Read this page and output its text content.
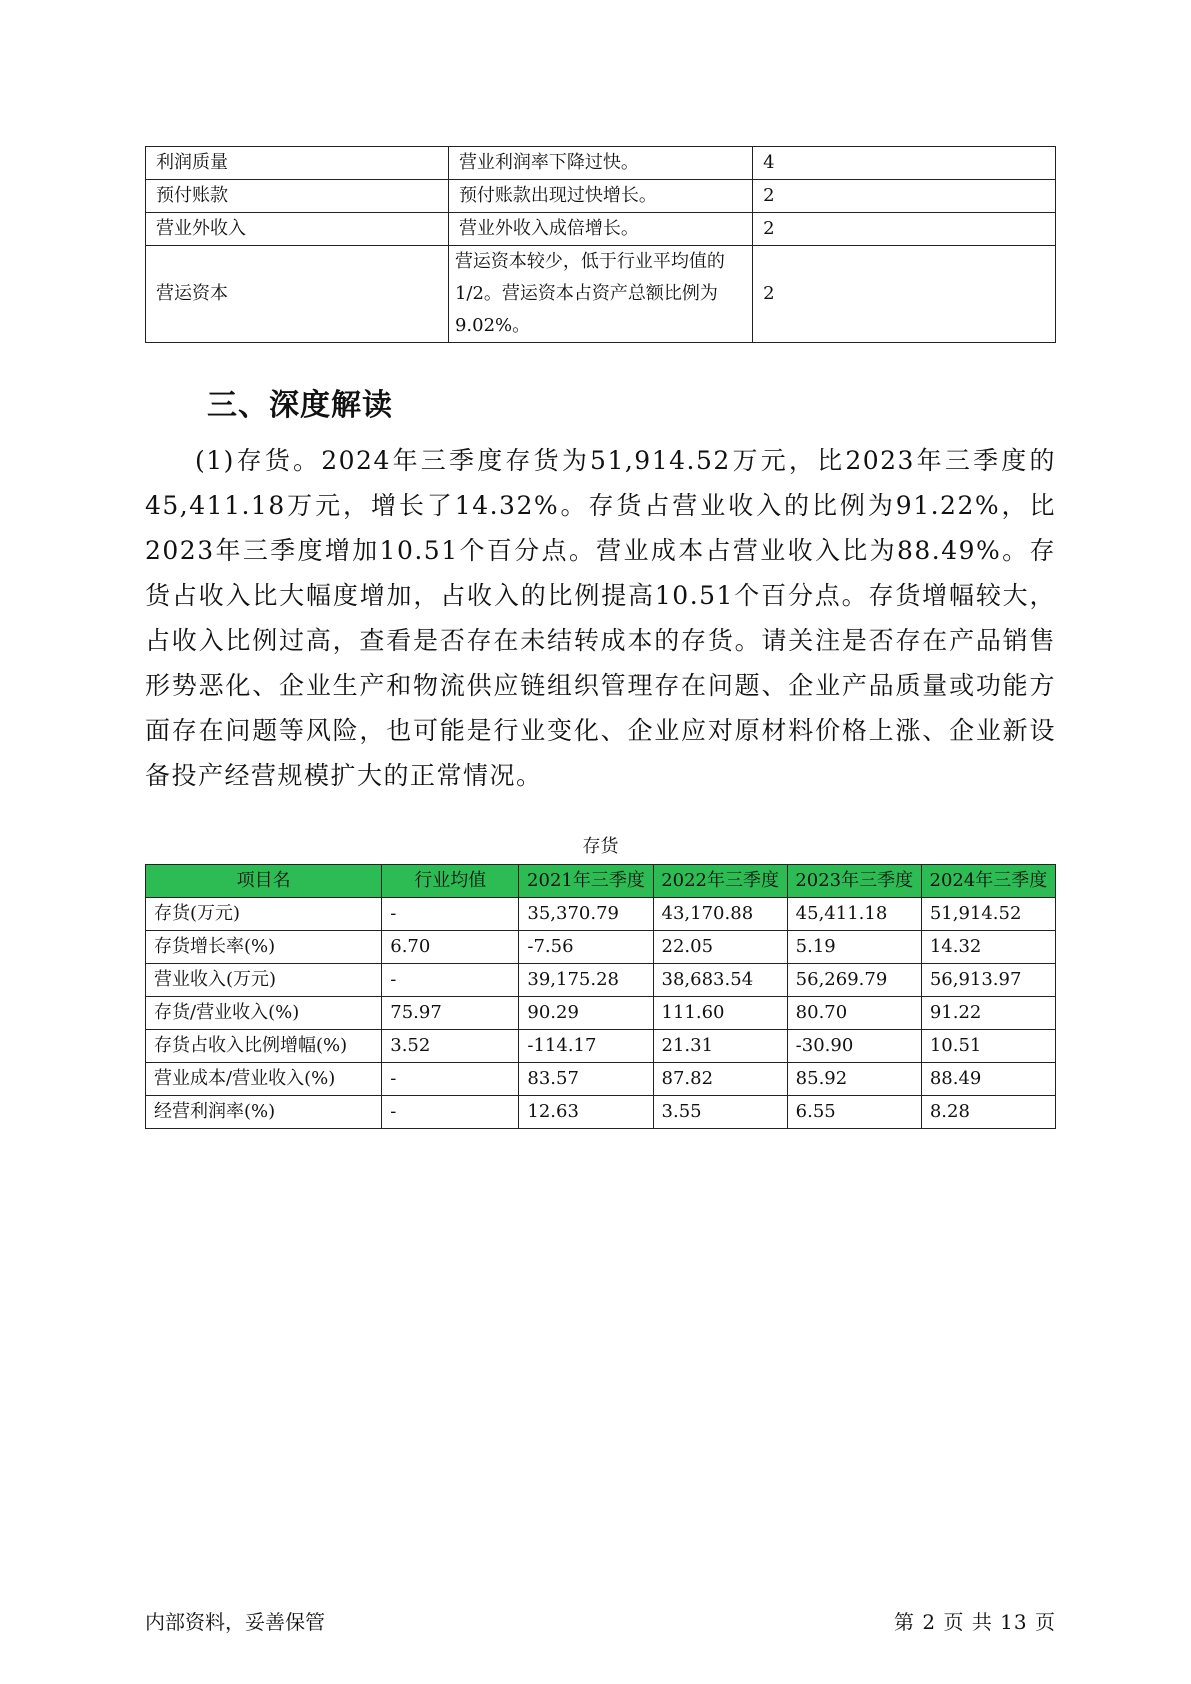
利润质量	营业利润率下降过快。	4
预付账款	预付账款出现过快增长。	2
营业外收入	营业外收入成倍增长。	2
营运资本	营运资本较少，低于行业平均值的1/2。营运资本占资产总额比例为9.02%。	2
三、深度解读

(1)存货。2024年三季度存货为51,914.52万元，比2023年三季度的45,411.18万元，增长了14.32%。存货占营业收入的比例为91.22%，比2023年三季度增加10.51个百分点。营业成本占营业收入比为88.49%。存货占收入比大幅度增加，占收入的比例提高10.51个百分点。存货增幅较大，占收入比例过高，查看是否存在未结转成本的存货。请关注是否存在产品销售形势恶化、企业生产和物流供应链组织管理存在问题、企业产品质量或功能方面存在问题等风险，也可能是行业变化、企业应对原材料价格上涨、企业新设备投产经营规模扩大的正常情况。

存货
项目名	行业均值	2021年三季度	2022年三季度	2023年三季度	2024年三季度
存货(万元)	-	35,370.79	43,170.88	45,411.18	51,914.52
存货增长率(%)	6.70	-7.56	22.05	5.19	14.32
营业收入(万元)	-	39,175.28	38,683.54	56,269.79	56,913.97
存货/营业收入(%)	75.97	90.29	111.60	80.70	91.22
存货占收入比例增幅(%)	3.52	-114.17	21.31	-30.90	10.51
营业成本/营业收入(%)	-	83.57	87.82	85.92	88.49
经营利润率(%)	-	12.63	3.55	6.55	8.28
内部资料，妥善保管	第 2 页 共 13 页
